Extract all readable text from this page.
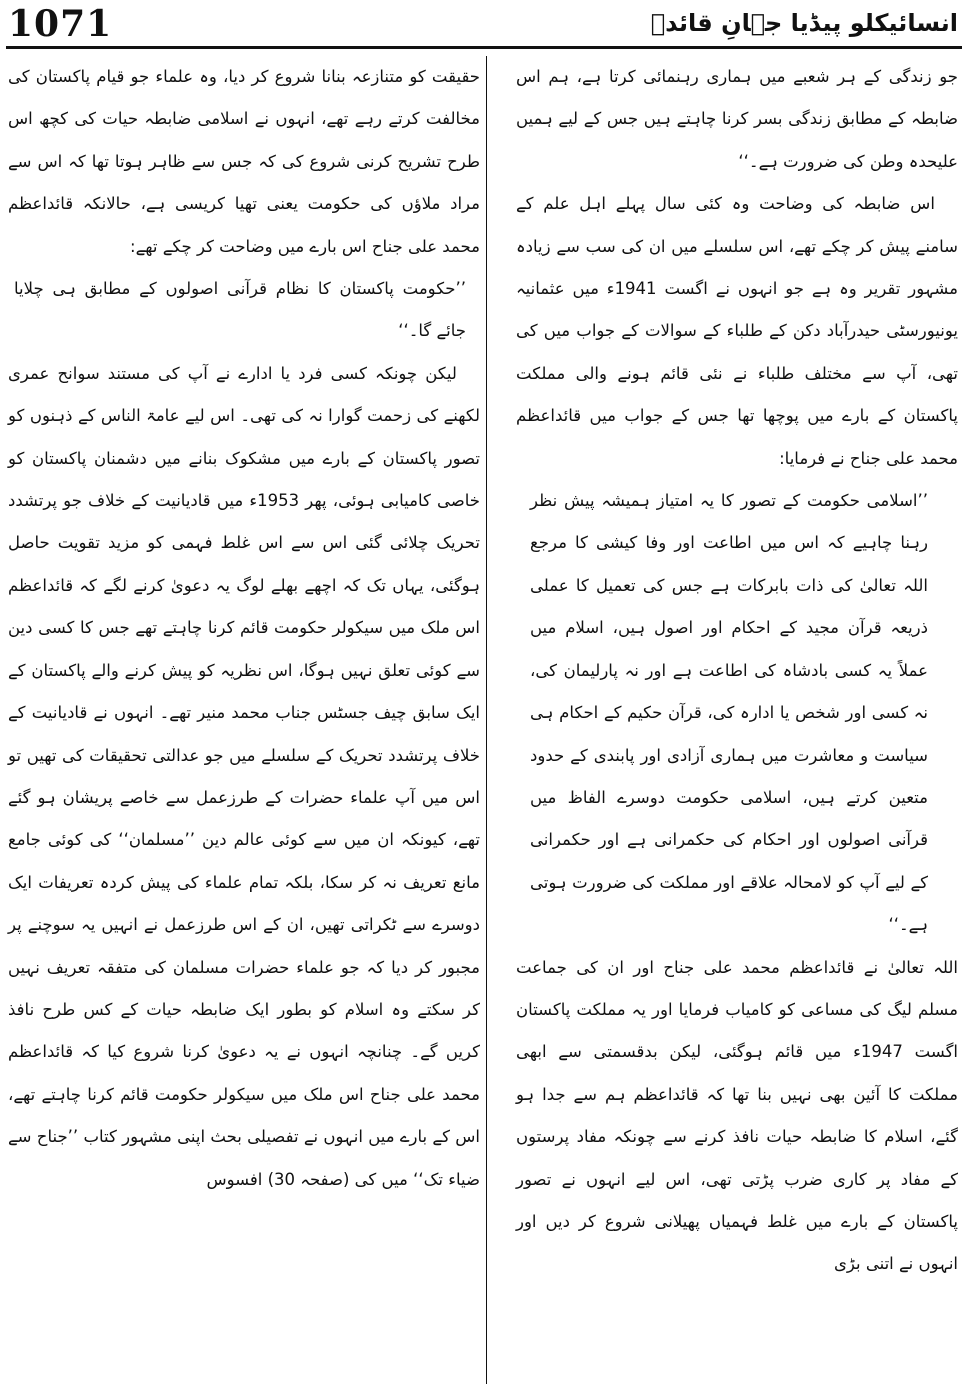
1071	انسائیکلو پیڈیا جہانِ قائدؒ

جو زندگی کے ہر شعبے میں ہماری رہنمائی کرتا ہے، ہم اس ضابطہ کے مطابق زندگی بسر کرنا چاہتے ہیں جس کے لیے ہمیں علیحدہ وطن کی ضرورت ہے۔‘‘

اس ضابطہ کی وضاحت وہ کئی سال پہلے اہل علم کے سامنے پیش کر چکے تھے، اس سلسلے میں ان کی سب سے زیادہ مشہور تقریر وہ ہے جو انہوں نے اگست 1941ء میں عثمانیہ یونیورسٹی حیدرآباد دکن کے طلباء کے سوالات کے جواب میں کی تھی، آپ سے مختلف طلباء نے نئی قائم ہونے والی مملکت پاکستان کے بارے میں پوچھا تھا جس کے جواب میں قائداعظم محمد علی جناح نے فرمایا:

’’اسلامی حکومت کے تصور کا یہ امتیاز ہمیشہ پیش نظر رہنا چاہیے کہ اس میں اطاعت اور وفا کیشی کا مرجع اللہ تعالیٰ کی ذات بابرکات ہے جس کی تعمیل کا عملی ذریعہ قرآن مجید کے احکام اور اصول ہیں، اسلام میں عملاً یہ کسی بادشاہ کی اطاعت ہے اور نہ پارلیمان کی، نہ کسی اور شخص یا ادارہ کی، قرآن حکیم کے احکام ہی سیاست و معاشرت میں ہماری آزادی اور پابندی کے حدود متعین کرتے ہیں، اسلامی حکومت دوسرے الفاظ میں قرآنی اصولوں اور احکام کی حکمرانی ہے اور حکمرانی کے لیے آپ کو لامحالہ علاقے اور مملکت کی ضرورت ہوتی ہے۔‘‘

اللہ تعالیٰ نے قائداعظم محمد علی جناح اور ان کی جماعت مسلم لیگ کی مساعی کو کامیاب فرمایا اور یہ مملکت پاکستان اگست 1947ء میں قائم ہوگئی، لیکن بدقسمتی سے ابھی مملکت کا آئین بھی نہیں بنا تھا کہ قائداعظم ہم سے جدا ہو گئے، اسلام کا ضابطہ حیات نافذ کرنے سے چونکہ مفاد پرستوں کے مفاد پر کاری ضرب پڑتی تھی، اس لیے انہوں نے تصور پاکستان کے بارے میں غلط فہمیاں پھیلانی شروع کر دیں اور انہوں نے اتنی بڑی

حقیقت کو متنازعہ بنانا شروع کر دیا، وہ علماء جو قیام پاکستان کی مخالفت کرتے رہے تھے، انہوں نے اسلامی ضابطہ حیات کی کچھ اس طرح تشریح کرنی شروع کی کہ جس سے ظاہر ہوتا تھا کہ اس سے مراد ملاؤں کی حکومت یعنی تھیا کریسی ہے، حالانکہ قائداعظم محمد علی جناح اس بارے میں وضاحت کر چکے تھے:

’’حکومت پاکستان کا نظام قرآنی اصولوں کے مطابق ہی چلایا جائے گا۔‘‘

لیکن چونکہ کسی فرد یا ادارے نے آپ کی مستند سوانح عمری لکھنے کی زحمت گوارا نہ کی تھی۔ اس لیے عامۃ الناس کے ذہنوں کو تصور پاکستان کے بارے میں مشکوک بنانے میں دشمنان پاکستان کو خاصی کامیابی ہوئی، پھر 1953ء میں قادیانیت کے خلاف جو پرتشدد تحریک چلائی گئی اس سے اس غلط فہمی کو مزید تقویت حاصل ہوگئی، یہاں تک کہ اچھے بھلے لوگ یہ دعویٰ کرنے لگے کہ قائداعظم اس ملک میں سیکولر حکومت قائم کرنا چاہتے تھے جس کا کسی دین سے کوئی تعلق نہیں ہوگا، اس نظریہ کو پیش کرنے والے پاکستان کے ایک سابق چیف جسٹس جناب محمد منیر تھے۔ انہوں نے قادیانیت کے خلاف پرتشدد تحریک کے سلسلے میں جو عدالتی تحقیقات کی تھیں تو اس میں آپ علماء حضرات کے طرزعمل سے خاصے پریشان ہو گئے تھے، کیونکہ ان میں سے کوئی عالم دین ’’مسلمان‘‘ کی کوئی جامع مانع تعریف نہ کر سکا، بلکہ تمام علماء کی پیش کردہ تعریفات ایک دوسرے سے ٹکراتی تھیں، ان کے اس طرزعمل نے انہیں یہ سوچنے پر مجبور کر دیا کہ جو علماء حضرات مسلمان کی متفقہ تعریف نہیں کر سکتے وہ اسلام کو بطور ایک ضابطہ حیات کے کس طرح نافذ کریں گے۔ چنانچہ انہوں نے یہ دعویٰ کرنا شروع کیا کہ قائداعظم محمد علی جناح اس ملک میں سیکولر حکومت قائم کرنا چاہتے تھے، اس کے بارے میں انہوں نے تفصیلی بحث اپنی مشہور کتاب ’’جناح سے ضیاء تک‘‘ میں کی (صفحہ 30) افسوس
